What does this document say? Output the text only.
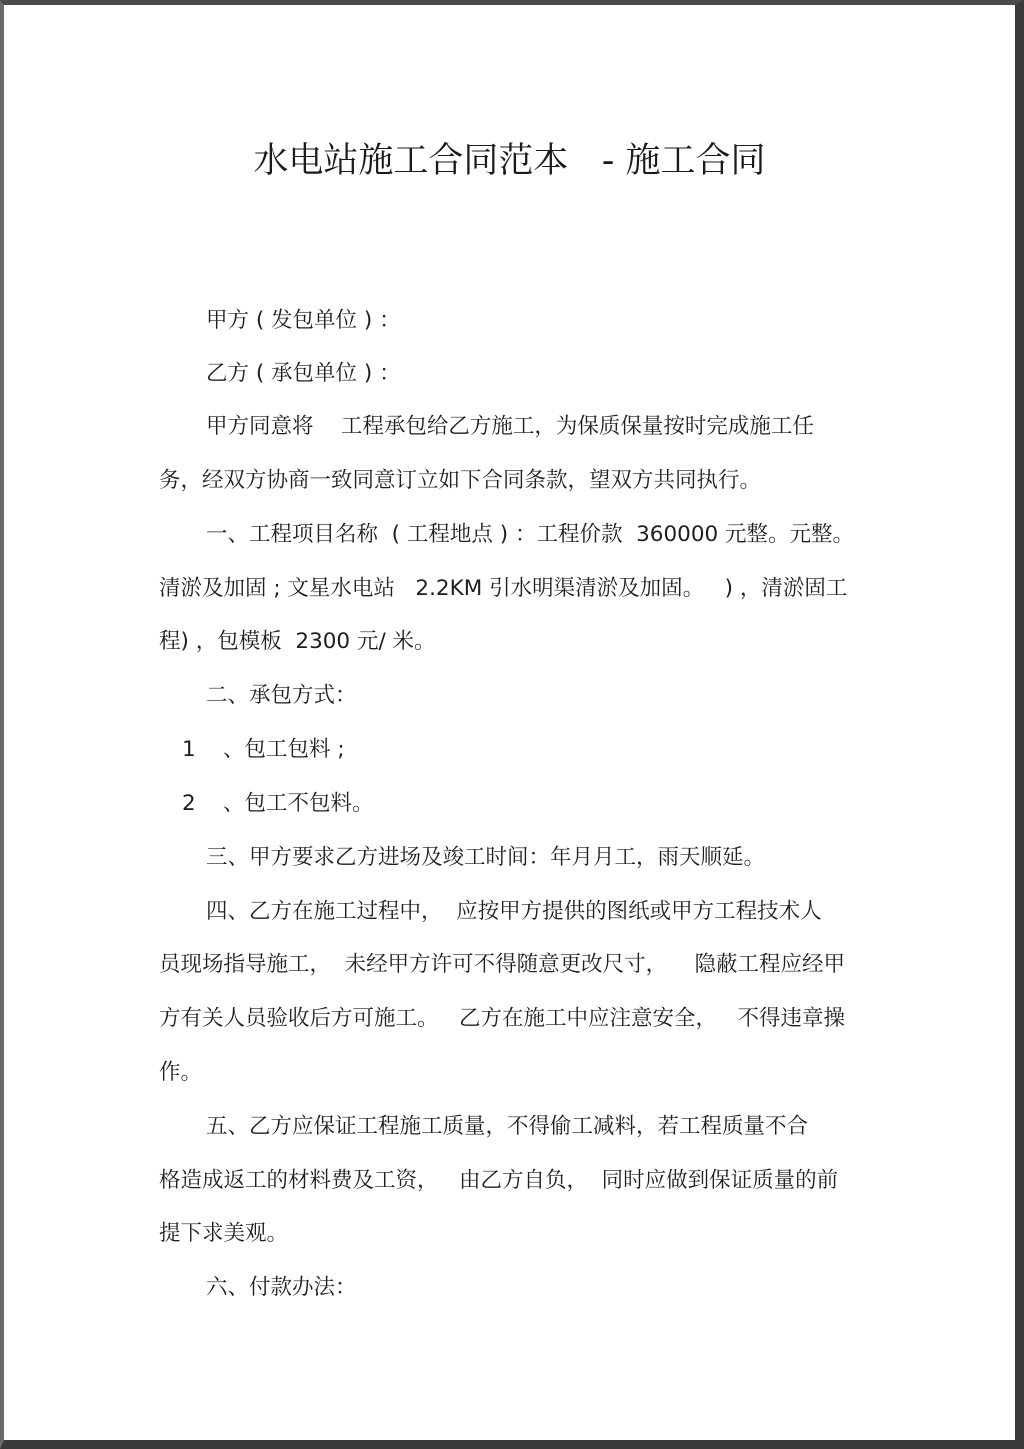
水电站施工合同范本   - 施工合同
甲方 ( 发包单位 ) ：
乙方 ( 承包单位 ) ：
甲方同意将    工程承包给乙方施工，为保质保量按时完成施工任
务，经双方协商一致同意订立如下合同条款，望双方共同执行。
一、工程项目名称  ( 工程地点 ) ：工程价款  360000 元整。元整。
清淤及加固 ; 文星水电站   2.2KM 引水明渠清淤及加固。   ) ，清淤固工
程) ，包模板  2300 元/ 米。
二、承包方式：
1    、包工包料 ;
2    、包工不包料。
三、甲方要求乙方进场及竣工时间：年月月工，雨天顺延。
四、乙方在施工过程中，  应按甲方提供的图纸或甲方工程技术人
员现场指导施工，  未经甲方许可不得随意更改尺寸，    隐蔽工程应经甲
方有关人员验收后方可施工。   乙方在施工中应注意安全，   不得违章操
作。
五、乙方应保证工程施工质量，不得偷工减料，若工程质量不合
格造成返工的材料费及工资，   由乙方自负，  同时应做到保证质量的前
提下求美观。
六、付款办法：
